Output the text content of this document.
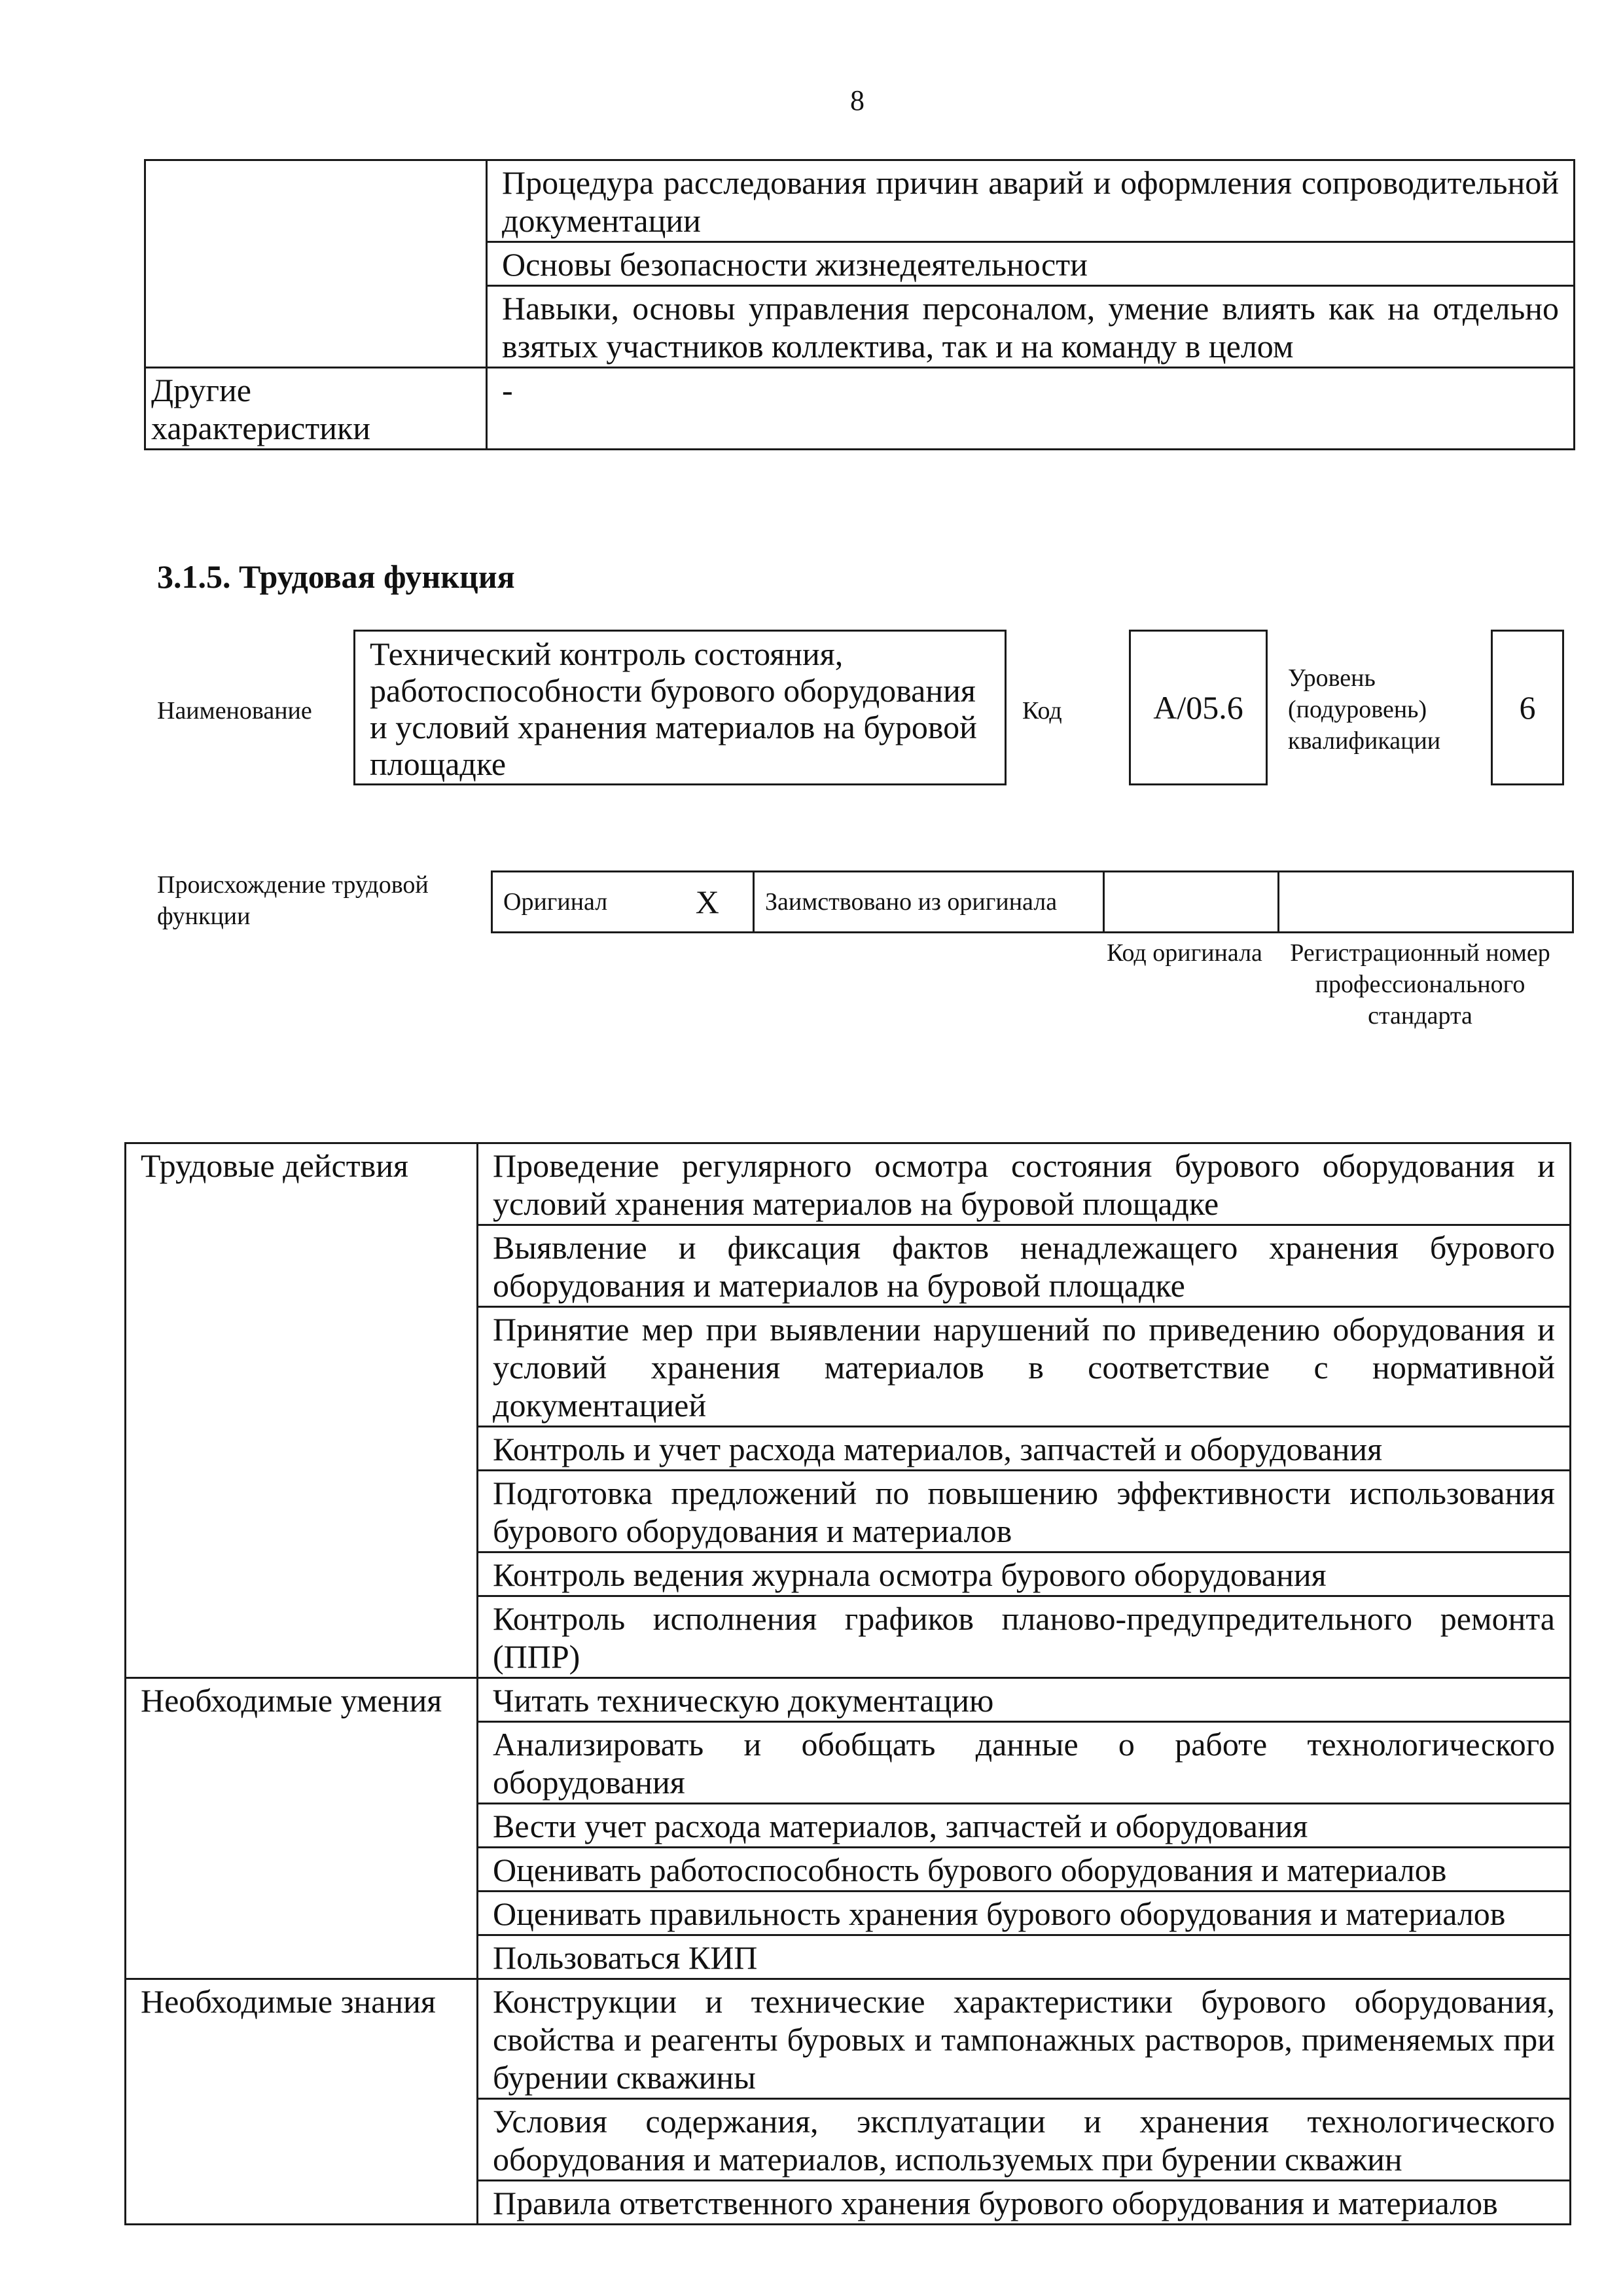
8
	Процедура расследования причин аварий и оформления сопроводительной документации
	Основы безопасности жизнедеятельности
	Навыки, основы управления персоналом, умение влиять как на отдельно взятых участников коллектива, так и на команду в целом
Другие характеристики	-
3.1.5. Трудовая функция
Наименование
Технический контроль состояния, работоспособности бурового оборудования и условий хранения материалов на буровой площадке
Код	A/05.6
Уровень (подуровень) квалификации
6
Происхождение трудовой функции
Оригинал	X	Заимствовано из оригинала		
Код оригинала	Регистрационный номер профессионального стандарта
Трудовые действия	Проведение регулярного осмотра состояния бурового оборудования и условий хранения материалов на буровой площадке
	Выявление и фиксация фактов ненадлежащего хранения бурового оборудования и материалов на буровой площадке
	Принятие мер при выявлении нарушений по приведению оборудования и условий хранения материалов в соответствие с нормативной документацией
	Контроль и учет расхода материалов, запчастей и оборудования
	Подготовка предложений по повышению эффективности использования бурового оборудования и материалов
	Контроль ведения журнала осмотра бурового оборудования
	Контроль исполнения графиков планово-предупредительного ремонта (ППР)
Необходимые умения	Читать техническую документацию
	Анализировать и обобщать данные о работе технологического оборудования
	Вести учет расхода материалов, запчастей и оборудования
	Оценивать работоспособность бурового оборудования и материалов
	Оценивать правильность хранения бурового оборудования и материалов
	Пользоваться КИП
Необходимые знания	Конструкции и технические характеристики бурового оборудования, свойства и реагенты буровых и тампонажных растворов, применяемых при бурении скважины
	Условия содержания, эксплуатации и хранения технологического оборудования и материалов, используемых при бурении скважин
	Правила ответственного хранения бурового оборудования и материалов
